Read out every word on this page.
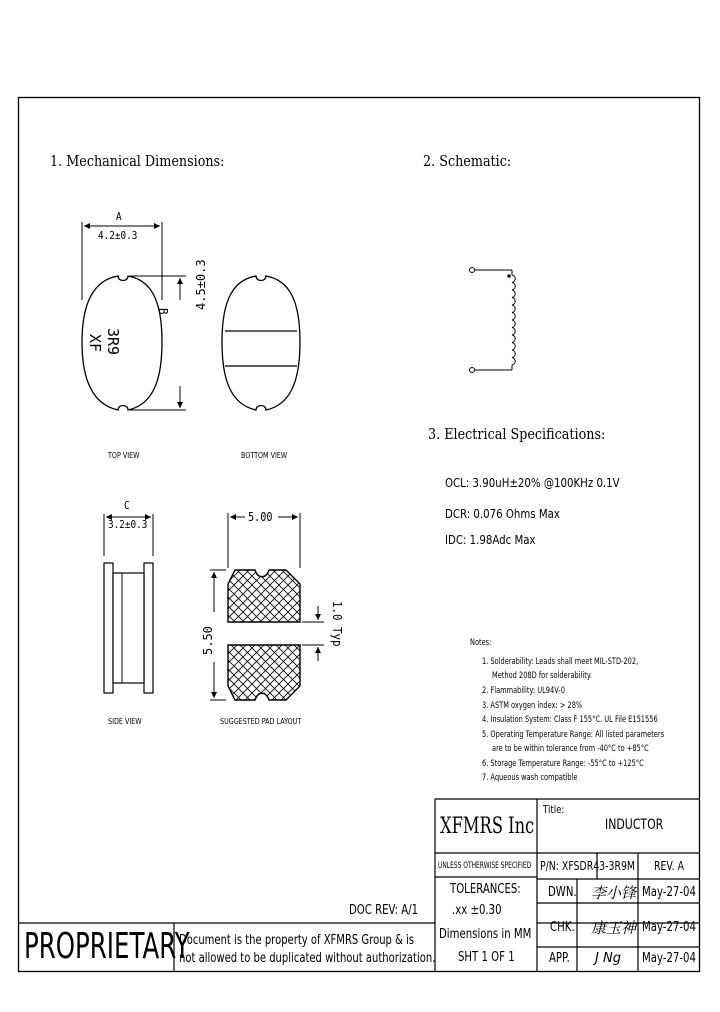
1. Mechanical Dimensions:	2. Schematic:
3. Electrical Specifications:
A
4.2±0.3
B
4.5±0.3
XF 3R9
C
3.2±0.3
5.00
5.50	1.0 Typ
TOP VIEW	BOTTOM VIEW
SIDE VIEW	SUGGESTED PAD LAYOUT
OCL: 3.90uH±20% @100KHz 0.1V
DCR: 0.076 Ohms Max
IDC: 1.98Adc Max
Notes:
1. Solderability: Leads shall meet MIL-STD-202,
Method 208D for solderability.
2. Flammability: UL94V-0
3. ASTM oxygen index: > 28%
4. Insulation System: Class F 155°C. UL File E151556
5. Operating Temperature Range: All listed parameters
are to be within tolerance from -40°C to +85°C
6. Storage Temperature Range: -55°C to +125°C
7. Aqueous wash compatible
XFMRS Inc
Title:
INDUCTOR
UNLESS OTHERWISE SPECIFIED P/N: XFSDR43-3R9M REV. A
TOLERANCES:
.xx ±0.30
Dimensions in MM
SHT 1 OF 1
DOC REV: A/1
DWN. 李小锋 May-27-04
CHK. 康玉神 May-27-04
APP. J Ng May-27-04
PROPRIETARY
Document is the property of XFMRS Group & is
not allowed to be duplicated without authorization.
